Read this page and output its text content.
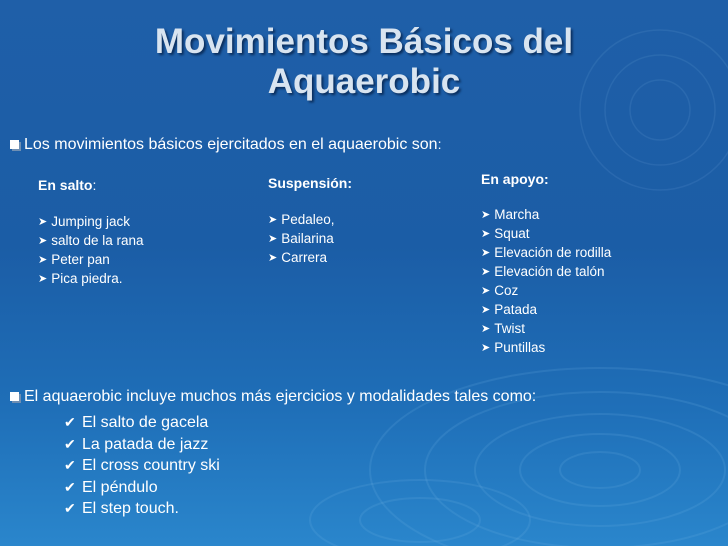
Movimientos Básicos del
Aquaerobic
Los movimientos básicos ejercitados en el aquaerobic son:
En salto:
➤ Jumping jack
➤ salto de la rana
➤ Peter pan
➤ Pica piedra.
Suspensión:
➤ Pedaleo,
➤ Bailarina
➤ Carrera
En apoyo:
➤ Marcha
➤ Squat
➤ Elevación de rodilla
➤ Elevación de talón
➤ Coz
➤ Patada
➤ Twist
➤ Puntillas
El aquaerobic incluye muchos más ejercicios y modalidades tales como:
✔ El salto de gacela
✔ La patada de jazz
✔ El cross country ski
✔ El péndulo
✔ El step touch.
